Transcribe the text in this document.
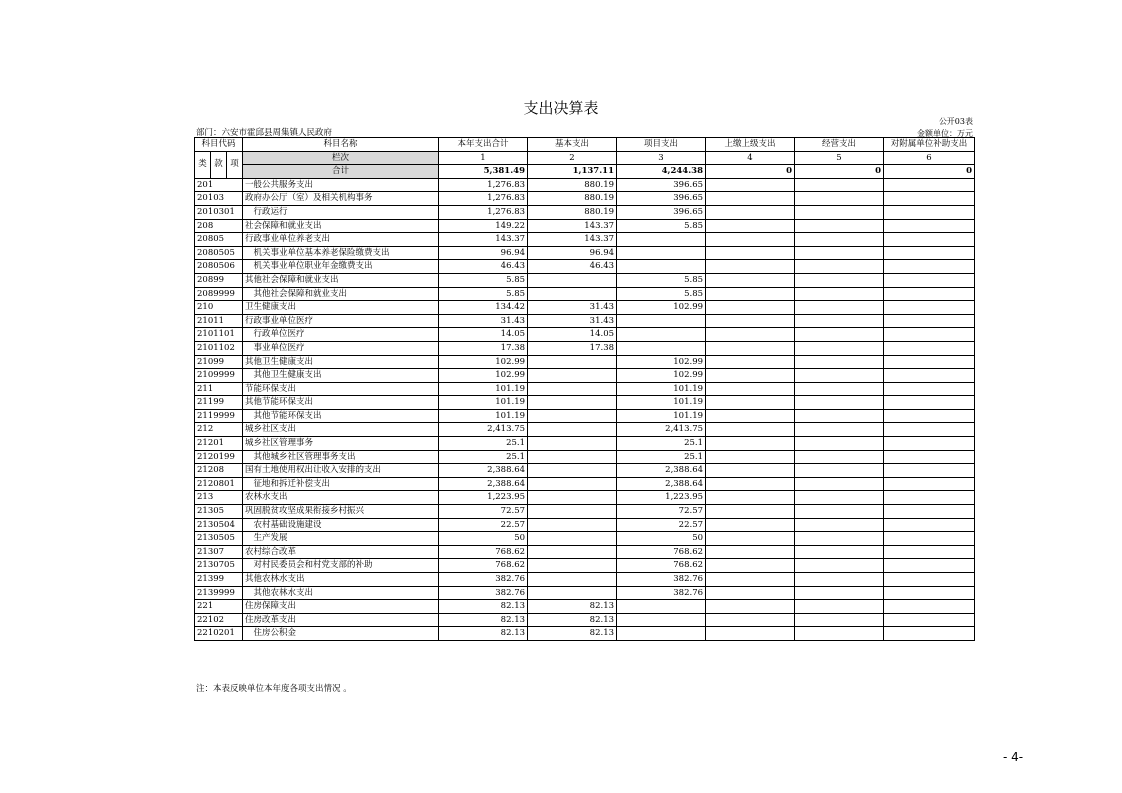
支出决算表
公开03表
部门：六安市霍邱县周集镇人民政府	金额单位：万元
科目代码			科目名称	本年支出合计	基本支出	项目支出	上缴上级支出	经营支出	对附属单位补助支出
类	款	项	栏次	1	2	3	4	5	6
			合计	5,381.49	1,137.11	4,244.38	0	0	0
201			一般公共服务支出	1,276.83	880.19	396.65			
20103			政府办公厅（室）及相关机构事务	1,276.83	880.19	396.65			
2010301			　行政运行	1,276.83	880.19	396.65			
208			社会保障和就业支出	149.22	143.37	5.85			
20805			行政事业单位养老支出	143.37	143.37				
2080505			　机关事业单位基本养老保险缴费支出	96.94	96.94				
2080506			　机关事业单位职业年金缴费支出	46.43	46.43				
20899			其他社会保障和就业支出	5.85		5.85			
2089999			　其他社会保障和就业支出	5.85		5.85			
210			卫生健康支出	134.42	31.43	102.99			
21011			行政事业单位医疗	31.43	31.43				
2101101			　行政单位医疗	14.05	14.05				
2101102			　事业单位医疗	17.38	17.38				
21099			其他卫生健康支出	102.99		102.99			
2109999			　其他卫生健康支出	102.99		102.99			
211			节能环保支出	101.19		101.19			
21199			其他节能环保支出	101.19		101.19			
2119999			　其他节能环保支出	101.19		101.19			
212			城乡社区支出	2,413.75		2,413.75			
21201			城乡社区管理事务	25.1		25.1			
2120199			　其他城乡社区管理事务支出	25.1		25.1			
21208			国有土地使用权出让收入安排的支出	2,388.64		2,388.64			
2120801			　征地和拆迁补偿支出	2,388.64		2,388.64			
213			农林水支出	1,223.95		1,223.95			
21305			巩固脱贫攻坚成果衔接乡村振兴	72.57		72.57			
2130504			　农村基础设施建设	22.57		22.57			
2130505			　生产发展	50		50			
21307			农村综合改革	768.62		768.62			
2130705			　对村民委员会和村党支部的补助	768.62		768.62			
21399			其他农林水支出	382.76		382.76			
2139999			　其他农林水支出	382.76		382.76			
221			住房保障支出	82.13	82.13				
22102			住房改革支出	82.13	82.13				
2210201			　住房公积金	82.13	82.13				
注：本表反映单位本年度各项支出情况 。
- 4-
